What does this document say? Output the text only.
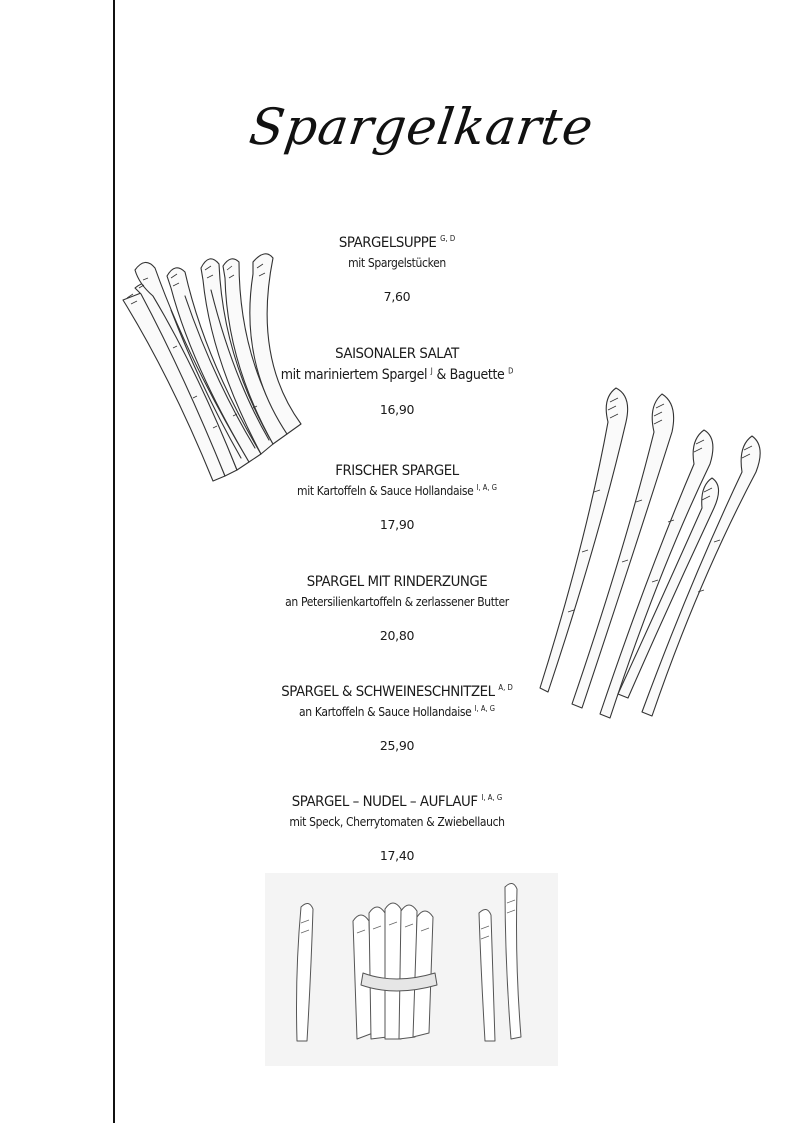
Spargelkarte
SPARGELSUPPE $^{G, D}$
mit Spargelstücken
7,60
SAISONALER SALAT
mit mariniertem Spargel $^J$ & Baguette $^D$
16,90
FRISCHER SPARGEL
mit Kartoffeln & Sauce Hollandaise $^{I, A, G}$
17,90
SPARGEL MIT RINDERZUNGE
an Petersilienkartoffeln & zerlassener Butter
20,80
SPARGEL & SCHWEINESCHNITZEL $^{A, D}$
an Kartoffeln & Sauce Hollandaise $^{I, A, G}$
25,90
SPARGEL – NUDEL – AUFLAUF $^{I, A, G}$
mit Speck, Cherrytomaten & Zwiebellauch
17,40
